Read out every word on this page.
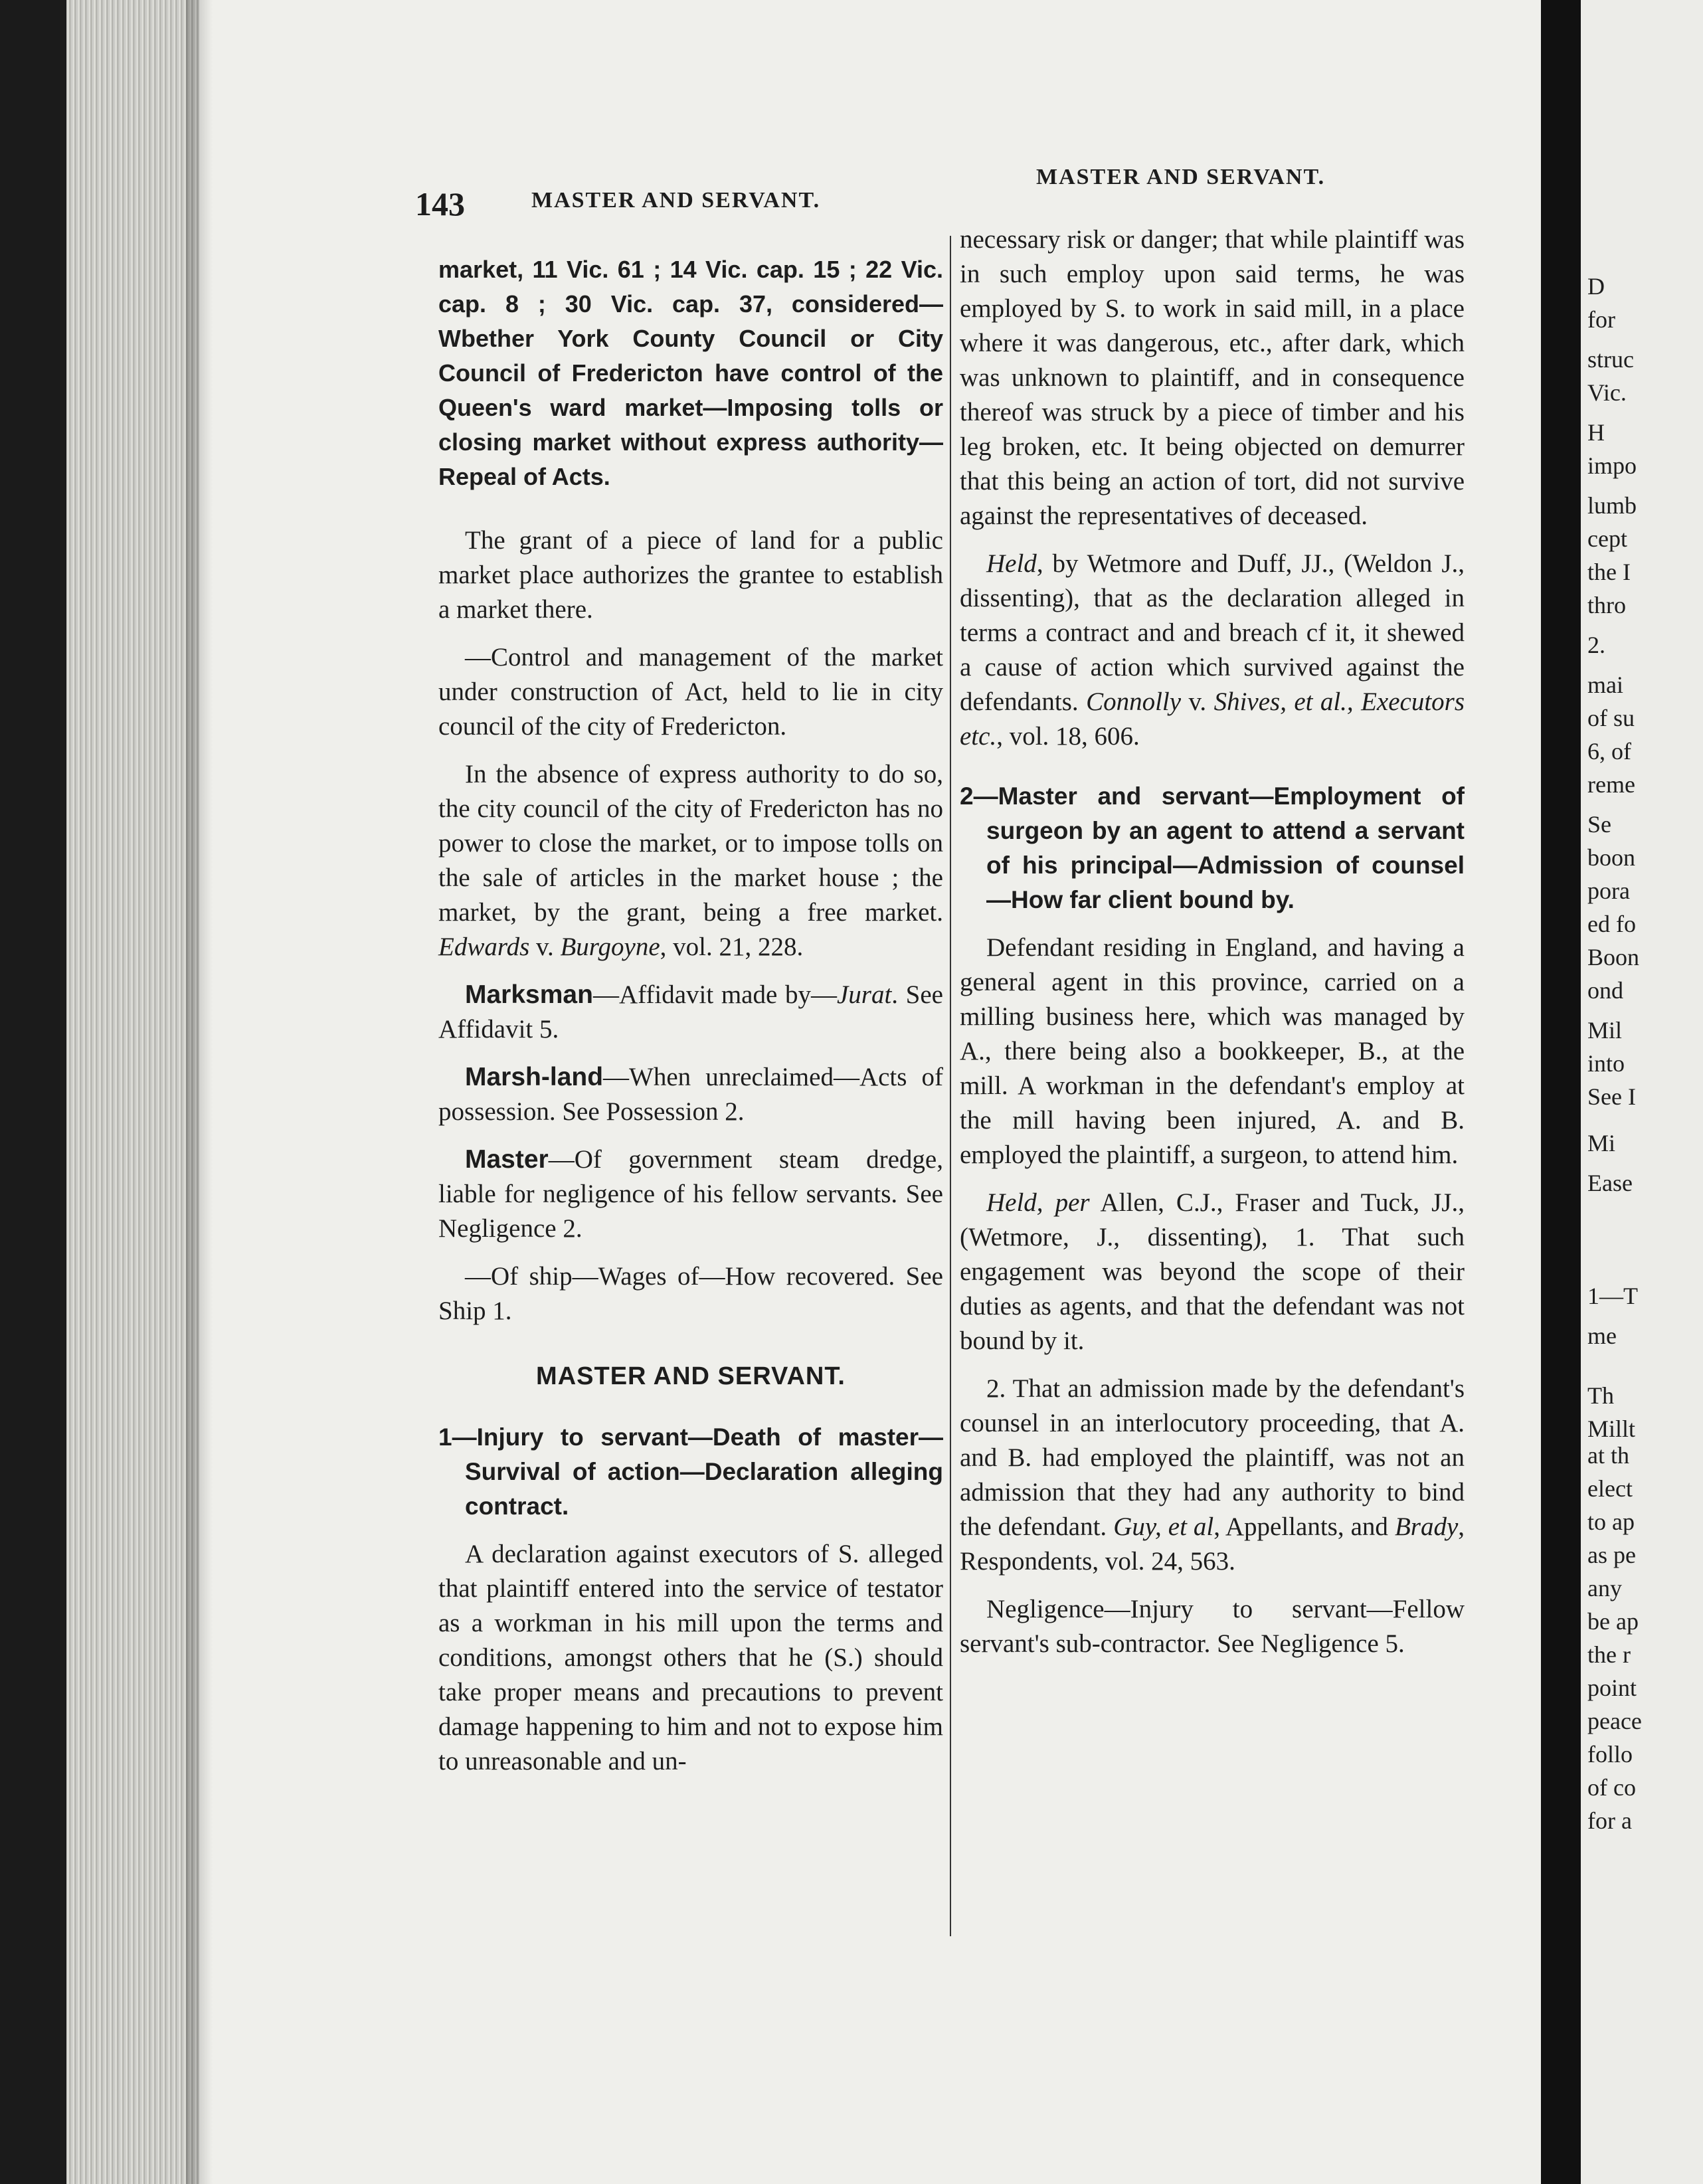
143	MASTER AND SERVANT.
MASTER AND SERVANT.

market, 11 Vic. 61 ; 14 Vic. cap. 15 ; 22 Vic. cap. 8 ; 30 Vic. cap. 37, considered—Wbether York County Council or City Council of Fredericton have control of the Queen's ward market—Imposing tolls or closing market without express authority—Repeal of Acts.

The grant of a piece of land for a public market place authorizes the grantee to establish a market there.

—Control and management of the market under construction of Act, held to lie in city council of the city of Fredericton.

In the absence of express authority to do so, the city council of the city of Fredericton has no power to close the market, or to impose tolls on the sale of articles in the market house ; the market, by the grant, being a free market. Edwards v. Burgoyne, vol. 21, 228.

Marksman—Affidavit made by—Jurat. See Affidavit 5.

Marsh-land—When unreclaimed—Acts of possession. See Possession 2.

Master—Of government steam dredge, liable for negligence of his fellow servants. See Negligence 2.

—Of ship—Wages of—How recovered. See Ship 1.

MASTER AND SERVANT.

1—Injury to servant—Death of master—Survival of action—Declaration alleging contract.

A declaration against executors of S. alleged that plaintiff entered into the service of testator as a workman in his mill upon the terms and conditions, amongst others that he (S.) should take proper means and precautions to prevent damage happening to him and not to expose him to unreasonable and un-

necessary risk or danger; that while plaintiff was in such employ upon said terms, he was employed by S. to work in said mill, in a place where it was dangerous, etc., after dark, which was unknown to plaintiff, and in consequence thereof was struck by a piece of timber and his leg broken, etc. It being objected on demurrer that this being an action of tort, did not survive against the representatives of deceased.

Held, by Wetmore and Duff, JJ., (Weldon J., dissenting), that as the declaration alleged in terms a contract and and breach cf it, it shewed a cause of action which survived against the defendants. Connolly v. Shives, et al., Executors etc., vol. 18, 606.

2—Master and servant—Employment of surgeon by an agent to attend a servant of his principal—Admission of counsel—How far client bound by.

Defendant residing in England, and having a general agent in this province, carried on a milling business here, which was managed by A., there being also a bookkeeper, B., at the mill. A workman in the defendant's employ at the mill having been injured, A. and B. employed the plaintiff, a surgeon, to attend him.

Held, per Allen, C.J., Fraser and Tuck, JJ., (Wetmore, J., dissenting), 1. That such engagement was beyond the scope of their duties as agents, and that the defendant was not bound by it.

2. That an admission made by the defendant's counsel in an interlocutory proceeding, that A. and B. had employed the plaintiff, was not an admission that they had any authority to bind the defendant. Guy, et al, Appellants, and Brady, Respondents, vol. 24, 563.

Negligence—Injury to servant—Fellow servant's sub-contractor. See Negligence 5.

D
for
struc
Vic.
H
impo
lumb
cept
the I
thro
2.
mai
of su
6, of
reme
Se
boon
pora
ed fo
Boon
ond
Mil
into
See I
Mi
Ease
1—T
me
Th
Millt
at th
elect
to ap
as pe
any
be ap
the r
point
peace
follo
of co
for a
